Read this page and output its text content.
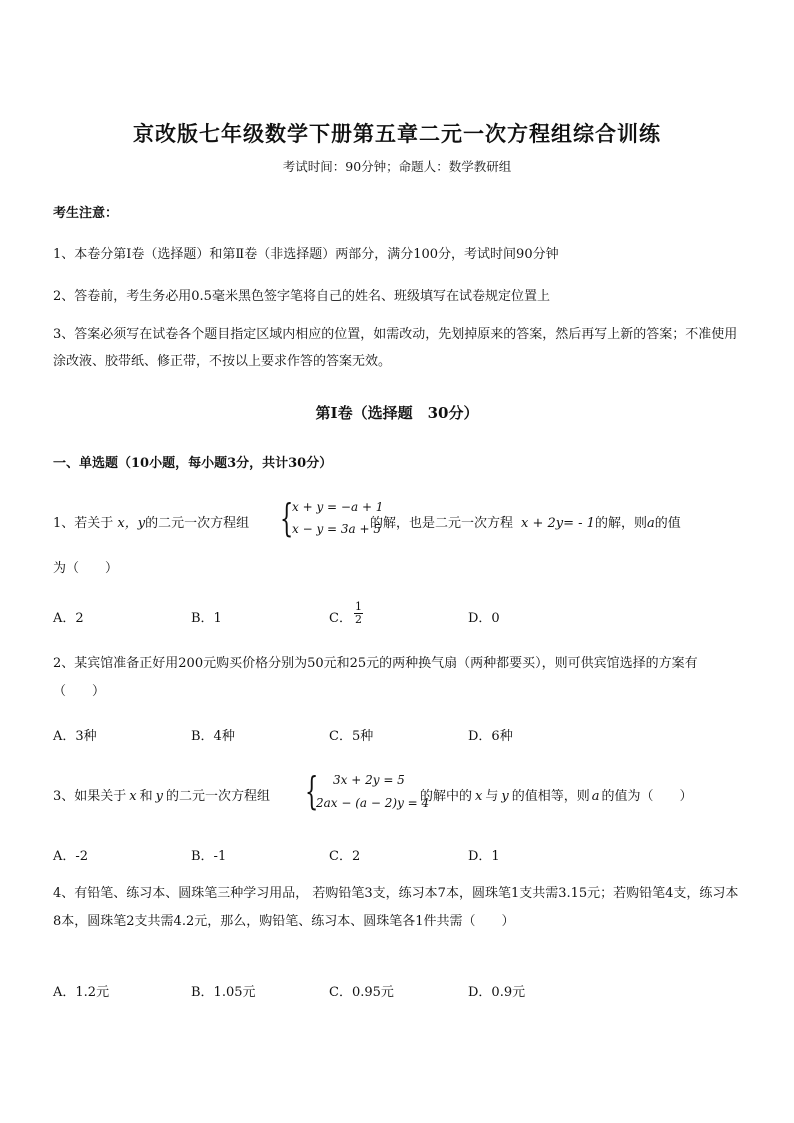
京改版七年级数学下册第五章二元一次方程组综合训练
考试时间：90分钟；命题人：数学教研组
考生注意：
1、本卷分第Ⅰ卷（选择题）和第Ⅱ卷（非选择题）两部分，满分100分，考试时间90分钟
2、答卷前，考生务必用0.5毫米黑色签字笔将自己的姓名、班级填写在试卷规定位置上
3、答案必须写在试卷各个题目指定区域内相应的位置，如需改动，先划掉原来的答案，然后再写上新的答案；不准使用涂改液、胶带纸、修正带，不按以上要求作答的答案无效。
第Ⅰ卷（选择题　30分）
一、单选题（10小题，每小题3分，共计30分）
1、若关于 x，y的二元一次方程组 {
x + y = −a + 1
x − y = 3a + 5
的解，也是二元一次方程 x + 2y= - 1的解，则a的值
为（　　）
A．2	B．1	C．
1
2	D．0
2、某宾馆准备正好用200元购买价格分别为50元和25元的两种换气扇（两种都要买），则可供宾馆选择的方案有（　　）
A．3种	B．4种	C．5种	D．6种
3、如果关于 x 和 y 的二元一次方程组 { 3x + 2y = 5
2ax − (a − 2)y = 4
的解中的 x 与 y 的值相等，则 a 的值为（　　）
A．-2	B．-1	C．2	D．1
4、有铅笔、练习本、圆珠笔三种学习用品， 若购铅笔3支，练习本7本，圆珠笔1支共需3.15元；若购铅笔4支，练习本8本，圆珠笔2支共需4.2元，那么，购铅笔、练习本、圆珠笔各1件共需（　　）
A．1.2元	B．1.05元	C．0.95元	D．0.9元
